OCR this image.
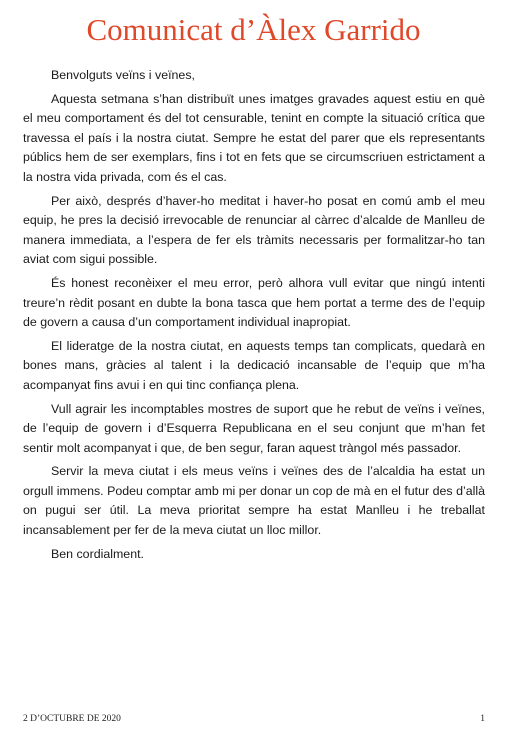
Comunicat d’Àlex Garrido

Benvolguts veïns i veïnes,

Aquesta setmana s’han distribuït unes imatges gravades aquest estiu en què el meu comportament és del tot censurable, tenint en compte la situació crítica que travessa el país i la nostra ciutat. Sempre he estat del parer que els representants públics hem de ser exemplars, fins i tot en fets que se circumscriuen estrictament a la nostra vida privada, com és el cas.

Per això, després d’haver-ho meditat i haver-ho posat en comú amb el meu equip, he pres la decisió irrevocable de renunciar al càrrec d’alcalde de Manlleu de manera immediata, a l’espera de fer els tràmits necessaris per formalitzar-ho tan aviat com sigui possible.

És honest reconèixer el meu error, però alhora vull evitar que ningú intenti treure’n rèdit posant en dubte la bona tasca que hem portat a terme des de l’equip de govern a causa d’un comportament individual inapropiat.

El lideratge de la nostra ciutat, en aquests temps tan complicats, quedarà en bones mans, gràcies al talent i la dedicació incansable de l’equip que m’ha acompanyat fins avui i en qui tinc confiança plena.

Vull agrair les incomptables mostres de suport que he rebut de veïns i veïnes, de l’equip de govern i d’Esquerra Republicana en el seu conjunt que m’han fet sentir molt acompanyat i que, de ben segur, faran aquest tràngol més passador.

Servir la meva ciutat i els meus veïns i veïnes des de l’alcaldia ha estat un orgull immens. Podeu comptar amb mi per donar un cop de mà en el futur des d’allà on pugui ser útil. La meva prioritat sempre ha estat Manlleu i he treballat incansablement per fer de la meva ciutat un lloc millor.

Ben cordialment.

2 D’OCTUBRE DE 2020	1
